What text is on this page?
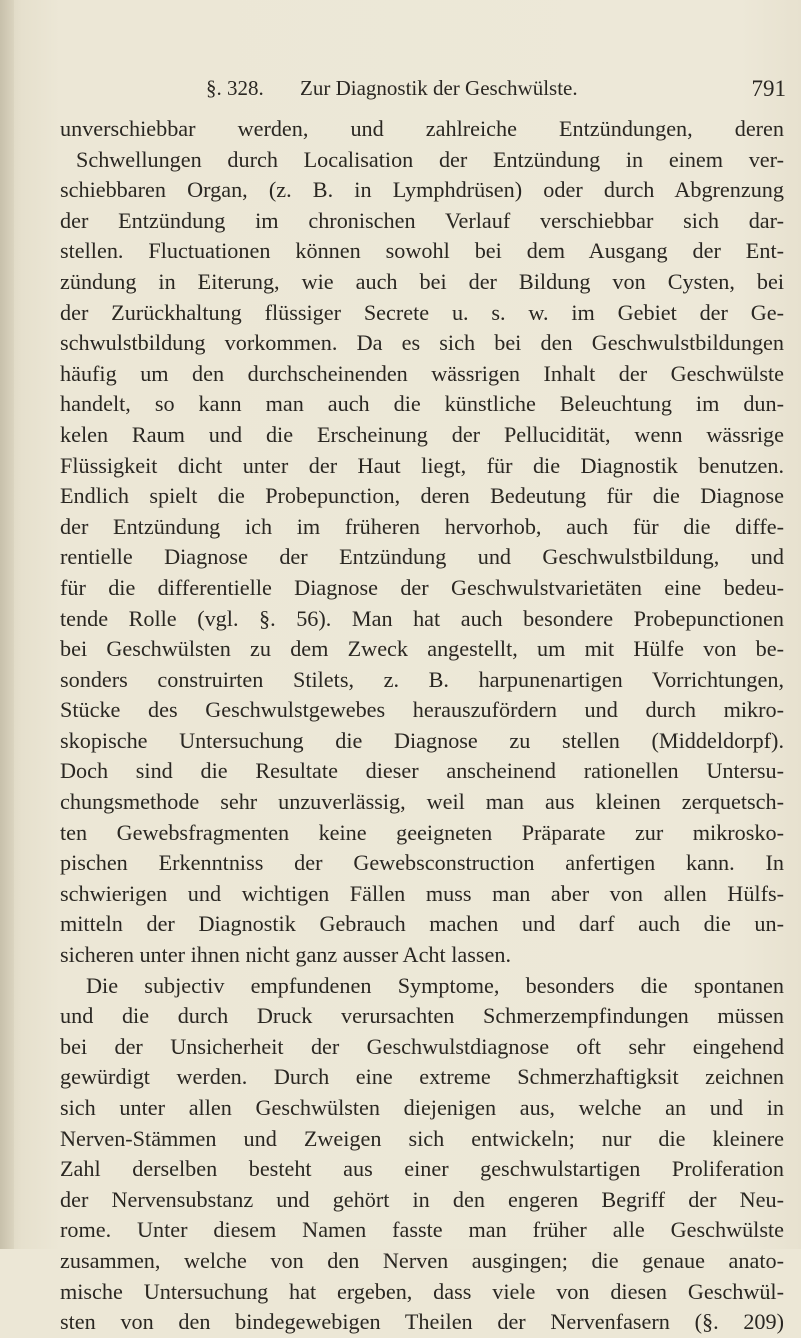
§. 328. Zur Diagnostik der Geschwülste.	791
unverschiebbar werden, und zahlreiche Entzündungen, deren
Schwellungen durch Localisation der Entzündung in einem ver-
schiebbaren Organ, (z. B. in Lymphdrüsen) oder durch Abgrenzung
der Entzündung im chronischen Verlauf verschiebbar sich dar-
stellen. Fluctuationen können sowohl bei dem Ausgang der Ent-
zündung in Eiterung, wie auch bei der Bildung von Cysten, bei
der Zurückhaltung flüssiger Secrete u. s. w. im Gebiet der Ge-
schwulstbildung vorkommen. Da es sich bei den Geschwulstbildungen
häufig um den durchscheinenden wässrigen Inhalt der Geschwülste
handelt, so kann man auch die künstliche Beleuchtung im dun-
kelen Raum und die Erscheinung der Pellucidität, wenn wässrige
Flüssigkeit dicht unter der Haut liegt, für die Diagnostik benutzen.
Endlich spielt die Probepunction, deren Bedeutung für die Diagnose
der Entzündung ich im früheren hervorhob, auch für die diffe-
rentielle Diagnose der Entzündung und Geschwulstbildung, und
für die differentielle Diagnose der Geschwulstvarietäten eine bedeu-
tende Rolle (vgl. §. 56). Man hat auch besondere Probepunctionen
bei Geschwülsten zu dem Zweck angestellt, um mit Hülfe von be-
sonders construirten Stilets, z. B. harpunenartigen Vorrichtungen,
Stücke des Geschwulstgewebes herauszufördern und durch mikro-
skopische Untersuchung die Diagnose zu stellen (Middeldorpf).
Doch sind die Resultate dieser anscheinend rationellen Untersu-
chungsmethode sehr unzuverlässig, weil man aus kleinen zerquetsch-
ten Gewebsfragmenten keine geeigneten Präparate zur mikrosko-
pischen Erkenntniss der Gewebsconstruction anfertigen kann. In
schwierigen und wichtigen Fällen muss man aber von allen Hülfs-
mitteln der Diagnostik Gebrauch machen und darf auch die un-
sicheren unter ihnen nicht ganz ausser Acht lassen.
Die subjectiv empfundenen Symptome, besonders die spontanen
und die durch Druck verursachten Schmerzempfindungen müssen
bei der Unsicherheit der Geschwulstdiagnose oft sehr eingehend
gewürdigt werden. Durch eine extreme Schmerzhaftigksit zeichnen
sich unter allen Geschwülsten diejenigen aus, welche an und in
Nerven-Stämmen und Zweigen sich entwickeln; nur die kleinere
Zahl derselben besteht aus einer geschwulstartigen Proliferation
der Nervensubstanz und gehört in den engeren Begriff der Neu-
rome. Unter diesem Namen fasste man früher alle Geschwülste
zusammen, welche von den Nerven ausgingen; die genaue anato-
mische Untersuchung hat ergeben, dass viele von diesen Geschwül-
sten von den bindegewebigen Theilen der Nervenfasern (§. 209)
